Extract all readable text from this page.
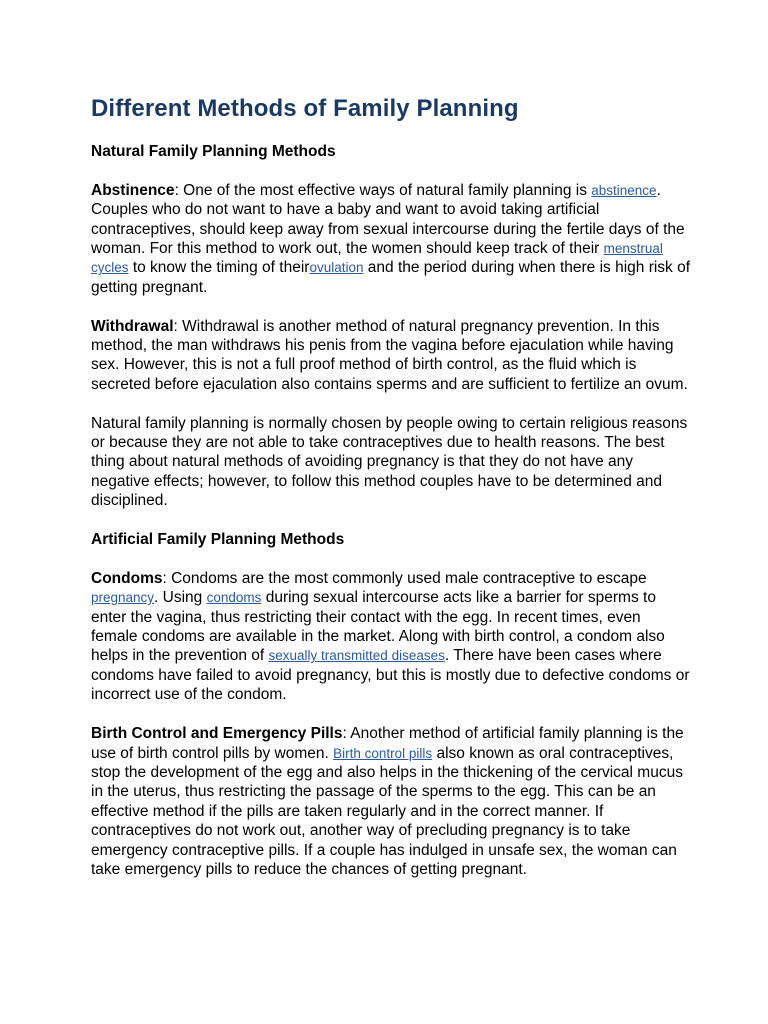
Different Methods of Family Planning
Natural Family Planning Methods

Abstinence: One of the most effective ways of natural family planning is abstinence. Couples who do not want to have a baby and want to avoid taking artificial contraceptives, should keep away from sexual intercourse during the fertile days of the woman. For this method to work out, the women should keep track of their menstrual cycles to know the timing of theirovulation and the period during when there is high risk of getting pregnant.

Withdrawal: Withdrawal is another method of natural pregnancy prevention. In this method, the man withdraws his penis from the vagina before ejaculation while having sex. However, this is not a full proof method of birth control, as the fluid which is secreted before ejaculation also contains sperms and are sufficient to fertilize an ovum.

Natural family planning is normally chosen by people owing to certain religious reasons or because they are not able to take contraceptives due to health reasons. The best thing about natural methods of avoiding pregnancy is that they do not have any negative effects; however, to follow this method couples have to be determined and disciplined.

Artificial Family Planning Methods

Condoms: Condoms are the most commonly used male contraceptive to escape pregnancy. Using condoms during sexual intercourse acts like a barrier for sperms to enter the vagina, thus restricting their contact with the egg. In recent times, even female condoms are available in the market. Along with birth control, a condom also helps in the prevention of sexually transmitted diseases. There have been cases where condoms have failed to avoid pregnancy, but this is mostly due to defective condoms or incorrect use of the condom.

Birth Control and Emergency Pills: Another method of artificial family planning is the use of birth control pills by women. Birth control pills also known as oral contraceptives, stop the development of the egg and also helps in the thickening of the cervical mucus in the uterus, thus restricting the passage of the sperms to the egg. This can be an effective method if the pills are taken regularly and in the correct manner. If contraceptives do not work out, another way of precluding pregnancy is to take emergency contraceptive pills. If a couple has indulged in unsafe sex, the woman can take emergency pills to reduce the chances of getting pregnant.
